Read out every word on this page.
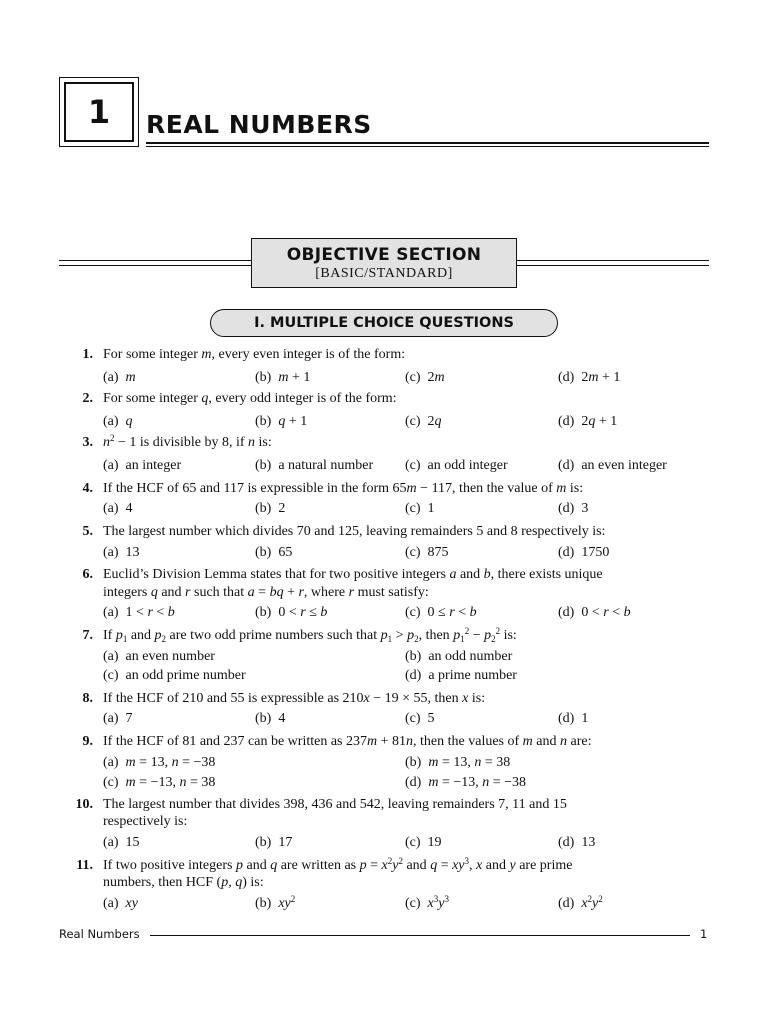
1	REAL NUMBERS
OBJECTIVE SECTION
[BASIC/STANDARD]
I. MULTIPLE CHOICE QUESTIONS
1. For some integer m, every even integer is of the form:
(a)  m	(b)  m + 1	(c)  2m	(d)  2m + 1
2. For some integer q, every odd integer is of the form:
(a)  q	(b)  q + 1	(c)  2q	(d)  2q + 1
3. $n^2 - 1$ is divisible by 8, if n is:
(a)  an integer	(b)  a natural number (c)  an odd integer	(d)  an even integer
4. If the HCF of 65 and 117 is expressible in the form 65m − 117, then the value of m is:
(a)  4	(b)  2	(c)  1	(d)  3
5. The largest number which divides 70 and 125, leaving remainders 5 and 8 respectively is:
(a)  13	(b)  65	(c)  875	(d)  1750
6. Euclid’s Division Lemma states that for two positive integers a and b, there exists unique
integers q and r such that a = bq + r, where r must satisfy:
(a)  1 < r < b	(b)  0 < r ≤ b	(c)  0 ≤ r < b	(d)  0 < r < b
7. If $p_1$ and $p_2$ are two odd prime numbers such that $p_1 > p_2$, then $p_1^2 - p_2^2$ is:
(a)  an even number	(b)  an odd number
(c)  an odd prime number	(d)  a prime number
8. If the HCF of 210 and 55 is expressible as 210x − 19 × 55, then x is:
(a)  7	(b)  4	(c)  5	(d)  1
9. If the HCF of 81 and 237 can be written as 237m + 81n, then the values of m and n are:
(a)  m = 13, n = −38	(b)  m = 13, n = 38
(c)  m = −13, n = 38	(d)  m = −13, n = −38
10. The largest number that divides 398, 436 and 542, leaving remainders 7, 11 and 15
respectively is:
(a)  15	(b)  17	(c)  19	(d)  13
11. If two positive integers p and q are written as $p = x^2y^2$ and $q = xy^3$, x and y are prime
numbers, then HCF (p, q) is:
(a)  xy	(b)  $xy^2$	(c)  $x^3y^3$	(d)  $x^2y^2$
Real Numbers	1
